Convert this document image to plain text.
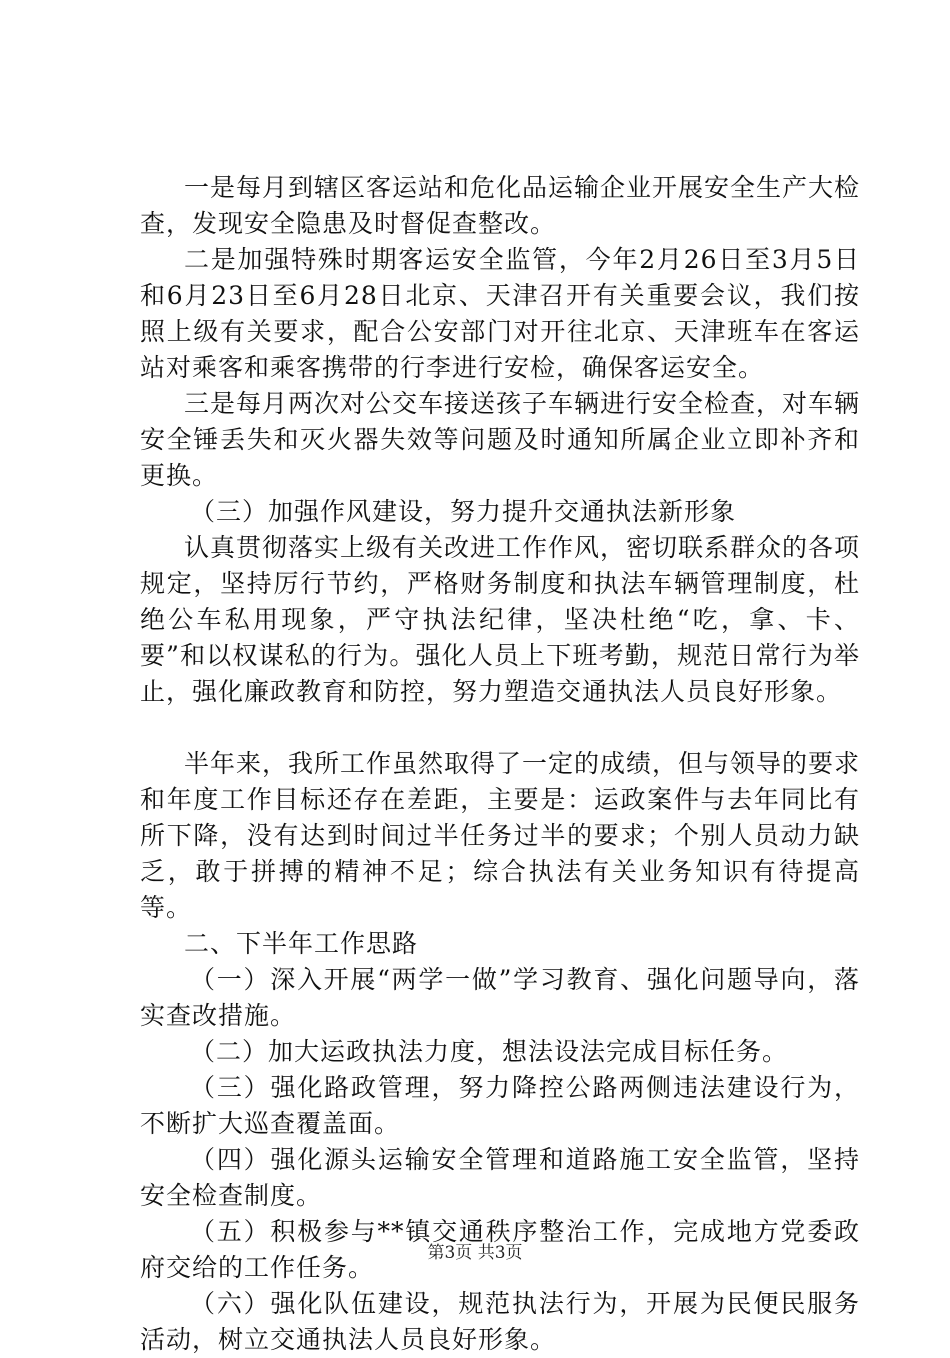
一是每月到辖区客运站和危化品运输企业开展安全生产大检查，发现安全隐患及时督促查整改。

二是加强特殊时期客运安全监管，今年2月26日至3月5日和6月23日至6月28日北京、天津召开有关重要会议，我们按照上级有关要求，配合公安部门对开往北京、天津班车在客运站对乘客和乘客携带的行李进行安检，确保客运安全。

三是每月两次对公交车接送孩子车辆进行安全检查，对车辆安全锤丢失和灭火器失效等问题及时通知所属企业立即补齐和更换。

（三）加强作风建设，努力提升交通执法新形象

认真贯彻落实上级有关改进工作作风，密切联系群众的各项规定，坚持厉行节约，严格财务制度和执法车辆管理制度，杜绝公车私用现象，严守执法纪律，坚决杜绝“吃，拿、卡、要”和以权谋私的行为。强化人员上下班考勤，规范日常行为举止，强化廉政教育和防控，努力塑造交通执法人员良好形象。

半年来，我所工作虽然取得了一定的成绩，但与领导的要求和年度工作目标还存在差距，主要是：运政案件与去年同比有所下降，没有达到时间过半任务过半的要求；个别人员动力缺乏，敢于拼搏的精神不足；综合执法有关业务知识有待提高等。

二、下半年工作思路

（一）深入开展“两学一做”学习教育、强化问题导向，落实查改措施。

（二）加大运政执法力度，想法设法完成目标任务。

（三）强化路政管理，努力降控公路两侧违法建设行为，不断扩大巡查覆盖面。

（四）强化源头运输安全管理和道路施工安全监管，坚持安全检查制度。

（五）积极参与**镇交通秩序整治工作，完成地方党委政府交给的工作任务。

（六）强化队伍建设，规范执法行为，开展为民便民服务活动，树立交通执法人员良好形象。

第3页 共3页
